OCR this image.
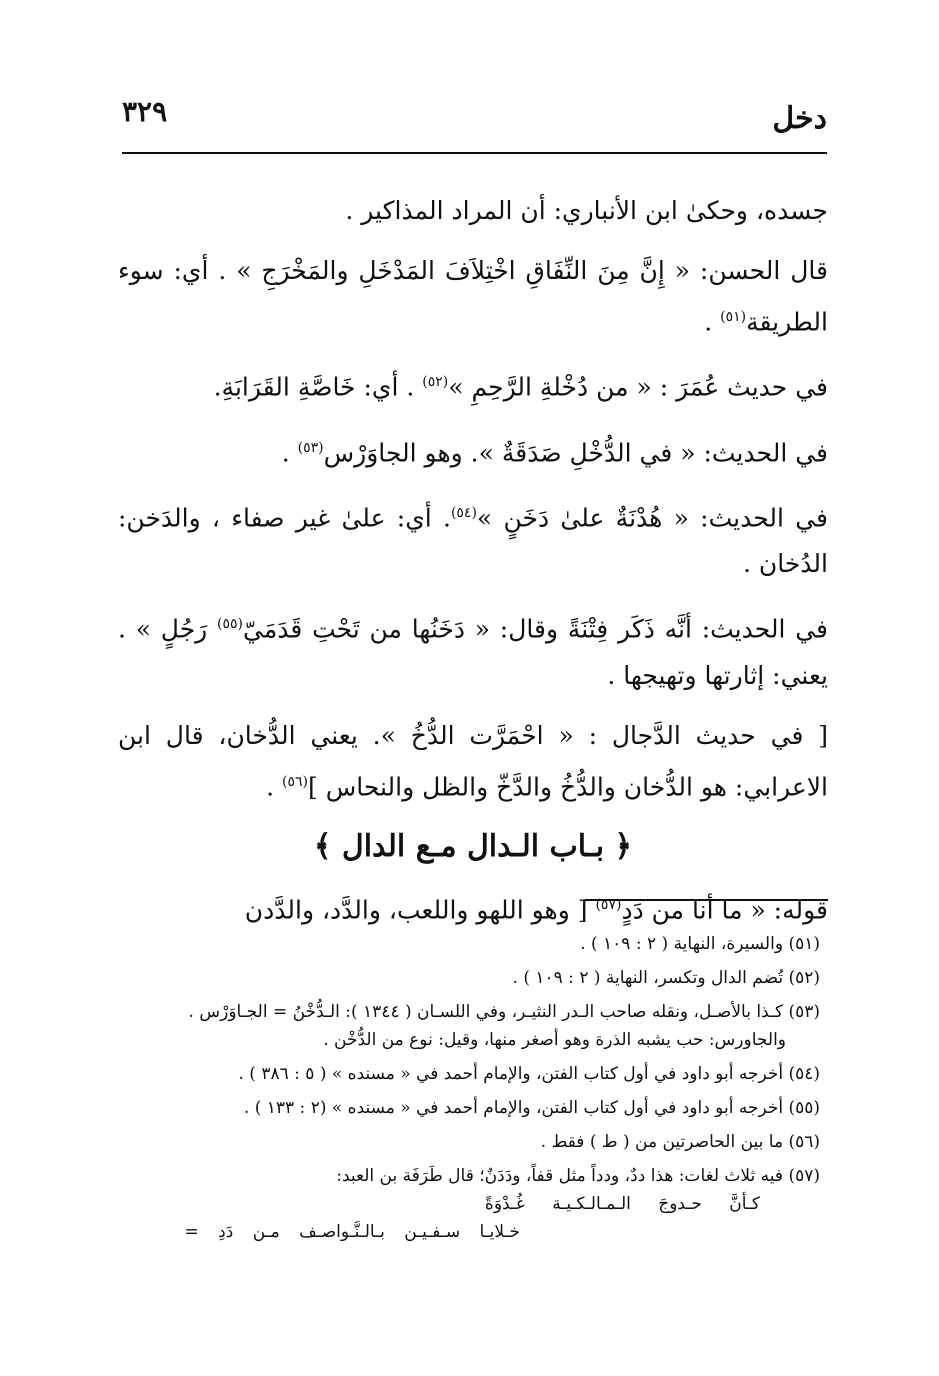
دخل
٣٢٩

جسده، وحكىٰ ابن الأنباري: أن المراد المذاكير .

قال الحسن: « إِنَّ مِنَ النِّفَاقِ اخْتِلاَفَ المَدْخَلِ والمَخْرَجِ » . أي: سوء الطريقة$^{(٥١)}$ .

في حديث عُمَرَ : « من دُخْلةِ الرَّحِمِ »$^{(٥٢)}$ . أي: خَاصَّةِ القَرَابَةِ.

في الحديث: « في الدُّخْلِ صَدَقَةٌ ». وهو الجاوَرْس$^{(٥٣)}$ .

في الحديث: « هُدْنَةٌ علىٰ دَخَنٍ »$^{(٥٤)}$. أي: علىٰ غير صفاء ، والدَخن: الدُخان .

في الحديث: أنَّه ذَكَر فِتْنَةً وقال: « دَخَنُها من تَحْتِ قَدَمَيّ$^{(٥٥)}$ رَجُلٍ » . يعني: إثارتها وتهيجها .

[ في حديث الدَّجال : « احْمَرَّت الدُّخُ ». يعني الدُّخان، قال ابن الاعرابي: هو الدُّخان والدُّخُ والدَّخّ والظل والنحاس ]$^{(٥٦)}$ .

﴿ بـاب الـدال مـع الدال ﴾

قوله: « ما أنا من دَدٍ$^{(٥٧)}$ [ وهو اللهو واللعب، والدَّد، والدَّدن

(٥١) والسيرة، النهاية ( ٢ : ١٠٩ ) .
(٥٢) تُضم الدال وتكسر، النهاية ( ٢ : ١٠٩ ) .
(٥٣) كـذا بالأصـل، ونقله صاحب الـدر النثيـر، وفي اللسـان ( ١٣٤٤ ): الـدُّخْنُ = الجـاوَرْس .
والجاورس: حب يشبه الذرة وهو أصغر منها، وقيل: نوع من الدُّخْن .
(٥٤) أخرجه أبو داود في أول كتاب الفتن، والإمام أحمد في « مسنده » ( ٥ : ٣٨٦ ) .
(٥٥) أخرجه أبو داود في أول كتاب الفتن، والإمام أحمد في « مسنده » (٢ : ١٣٣ ) .
(٥٦) ما بين الحاصرتين من ( ط ) فقط .
(٥٧) فيه ثلاث لغات: هذا ددٌ، ودداً مثل قفاً، ودَدَنٌ؛ قال طَرَفَة بن العبد:
كـأنَّ حـدوجَ الـمـالـكـيـة غُـدْوَةً
خـلايـا سـفـيـن بـالـنَّـواصـف مـن دَدِ =
